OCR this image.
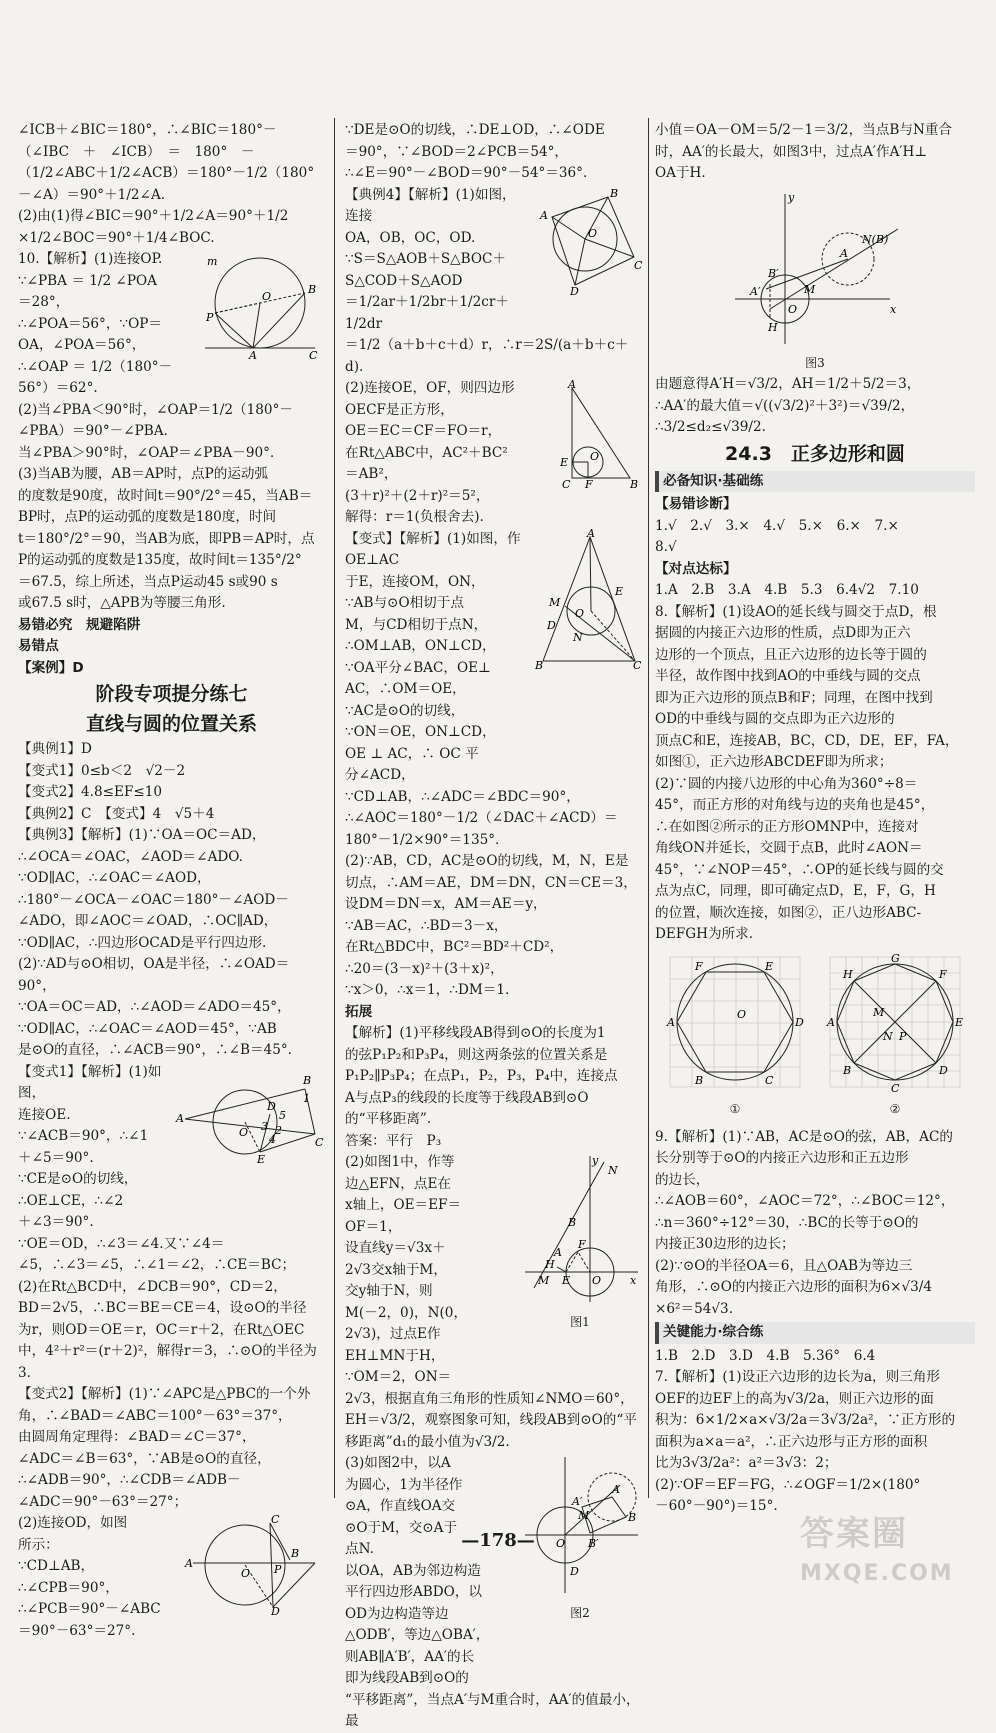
∠ICB＋∠BIC＝180°，∴∠BIC＝180°－

（∠IBC　＋　∠ICB）　＝　180°　－

（1/2∠ABC＋1/2∠ACB）＝180°－1/2（180°

－∠A）＝90°＋1/2∠A.

(2)由(1)得∠BIC＝90°＋1/2∠A＝90°＋1/2

×1/2∠BOC＝90°＋1/4∠BOC.

m
O
B
P
A	C

10.【解析】(1)连接OP.

∵∠PBA ＝ 1/2 ∠POA

＝28°，

∴∠POA＝56°，∵OP＝

OA，∠POA＝56°，

∴∠OAP ＝ 1/2（180°－

56°）＝62°.

(2)当∠PBA＜90°时，∠OAP＝1/2（180°－

∠PBA）＝90°－∠PBA.

当∠PBA＞90°时，∠OAP＝∠PBA－90°.

(3)当AB为腰，AB＝AP时，点P的运动弧

的度数是90度，故时间t＝90°/2°＝45，当AB＝

BP时，点P的运动弧的度数是180度，时间

t＝180°/2°＝90，当AB为底，即PB＝AP时，点

P的运动弧的度数是135度，故时间t＝135°/2°

＝67.5，综上所述，当点P运动45 s或90 s

或67.5 s时，△APB为等腰三角形.

易错必究　规避陷阱

易错点

【案例】D

阶段专项提分练七
直线与圆的位置关系

【典例1】D

【变式1】0≤b＜2　√2－2

【变式2】4.8≤EF≤10

【典例2】C　【变式】4　√5＋4

【典例3】【解析】(1)∵OA＝OC＝AD，

∴∠OCA＝∠OAC，∠AOD＝∠ADO.

∵OD∥AC，∴∠OAC＝∠AOD，

∴180°－∠OCA－∠OAC＝180°－∠AOD－

∠ADO，即∠AOC＝∠OAD，∴OC∥AD，

∵OD∥AC，∴四边形OCAD是平行四边形.

(2)∵AD与⊙O相切，OA是半径，∴∠OAD＝90°，

∵OA＝OC＝AD，∴∠AOD＝∠ADO＝45°，

∵OD∥AC，∴∠OAC＝∠AOD＝45°，∵AB

是⊙O的直径，∴∠ACB＝90°，∴∠B＝45°.

A
B
C
D
E
O
1
2
3
4
5

【变式1】【解析】(1)如图，

连接OE.

∵∠ACB＝90°，∴∠1

＋∠5＝90°.

∵CE是⊙O的切线，

∴OE⊥CE，∴∠2

＋∠3＝90°.

∵OE＝OD，∴∠3＝∠4.又∵∠4＝

∠5，∴∠3＝∠5，∴∠1＝∠2，∴CE＝BC；

(2)在Rt△BCD中，∠DCB＝90°，CD＝2，

BD＝2√5，∴BC＝BE＝CE＝4，设⊙O的半径

为r，则OD＝OE＝r，OC＝r＋2，在Rt△OEC

中，4²＋r²＝(r＋2)²，解得r＝3，∴⊙O的半径为3.

【变式2】【解析】(1)∵∠APC是△PBC的一个外

角，∴∠BAD＝∠ABC＝100°－63°＝37°，

由圆周角定理得：∠BAD＝∠C＝37°，

∠ADC＝∠B＝63°，∵AB是⊙O的直径，

∴∠ADB＝90°，∴∠CDB＝∠ADB－

∠ADC＝90°－63°＝27°；

A
B
C
D
O P

(2)连接OD，如图

所示：

∵CD⊥AB，

∴∠CPB＝90°，

∴∠PCB＝90°－∠ABC

＝90°－63°＝27°.

∵DE是⊙O的切线，∴DE⊥OD，∴∠ODE

＝90°，∵∠BOD＝2∠PCB＝54°，

∴∠E＝90°－∠BOD＝90°－54°＝36°.

B
A
O
C
D

【典例4】【解析】(1)如图，连接

OA，OB，OC，OD.

∵S＝S△AOB＋S△BOC＋

S△COD＋S△AOD

＝1/2ar＋1/2br＋1/2cr＋

1/2dr

＝1/2（a＋b＋c＋d）r，∴r＝2S/(a＋b＋c＋d).

A
O
E
C F	B

(2)连接OE，OF，则四边形

OECF是正方形，

OE＝EC＝CF＝FO＝r，

在Rt△ABC中，AC²＋BC²

＝AB²，

(3＋r)²＋(2＋r)²＝5²，

解得：r＝1(负根舍去).

A
M
E
O
B
N
D
C

【变式】【解析】(1)如图，作OE⊥AC

于E，连接OM，ON，

∵AB与⊙O相切于点

M，与CD相切于点N，

∴OM⊥AB，ON⊥CD，

∵OA平分∠BAC，OE⊥

AC，∴OM＝OE，

∵AC是⊙O的切线，

∵ON＝OE，ON⊥CD，

OE ⊥ AC，∴ OC 平

分∠ACD，

∵CD⊥AB，∴∠ADC＝∠BDC＝90°，

∴∠AOC＝180°－1/2（∠DAC＋∠ACD）＝

180°－1/2×90°＝135°.

(2)∵AB，CD，AC是⊙O的切线，M，N，E是

切点，∴AM＝AE，DM＝DN，CN＝CE＝3，

设DM＝DN＝x，AM＝AE＝y，

∵AB＝AC，∴BD＝3－x，

在Rt△BDC中，BC²＝BD²＋CD²，

∴20＝(3－x)²＋(3＋x)²，

∵x＞0，∴x＝1，∴DM＝1.

拓展

【解析】(1)平移线段AB得到⊙O的长度为1

的弦P₁P₂和P₃P₄，则这两条弦的位置关系是

P₁P₂∥P₃P₄；在点P₁，P₂，P₃，P₄中，连接点

A与点P₃的线段的长度等于线段AB到⊙O

的“平移距离”.

答案：平行　P₃

y
N
B
F
H
A
M E O	x
图1

(2)如图1中，作等

边△EFN，点E在

x轴上，OE＝EF＝

OF＝1，

设直线y＝√3x＋

2√3交x轴于M，

交y轴于N，则

M(－2，0)，N(0，

2√3)，过点E作

EH⊥MN于H，

∵OM＝2，ON＝

2√3，根据直角三角形的性质知∠NMO＝60°，

EH＝√3/2，观察图象可知，线段AB到⊙O的“平

移距离”d₁的最小值为√3/2.

A′
A
B
M
O B′
D
图2

(3)如图2中，以A

为圆心，1为半径作

⊙A，作直线OA交

⊙O于M，交⊙A于

点N.

以OA，AB为邻边构造

平行四边形ABDO，以

OD为边构造等边

△ODB′，等边△OBA′，

则AB∥A′B′，AA′的长

即为线段AB到⊙O的

“平移距离”，当点A′与M重合时，AA′的值最小，最

小值＝OA－OM＝5/2－1＝3/2，当点B与N重合

时，AA′的长最大，如图3中，过点A′作A′H⊥

OA于H.

y
N(B)
A
B′
A′	M
O
H
x
图3

由题意得A′H＝√3/2，AH＝1/2＋5/2＝3，

∴AA′的最大值＝√((√3/2)²＋3²)＝√39/2，

∴3/2≤d₂≤√39/2.

24.3　正多边形和圆
必备知识·基础练

【易错诊断】

1.√　2.√　3.×　4.√　5.×　6.×　7.×

8.√

【对点达标】

1.A　2.B　3.A　4.B　5.3　6.4√2　7.10

8.【解析】(1)设AO的延长线与圆交于点D，根

据圆的内接正六边形的性质，点D即为正六

边形的一个顶点，且正六边形的边长等于圆的

半径，故作图中找到AO的中垂线与圆的交点

即为正六边形的顶点B和F；同理，在图中找到

OD的中垂线与圆的交点即为正六边形的

顶点C和E，连接AB，BC，CD，DE，EF，FA，

如图①，正六边形ABCDEF即为所求；

(2)∵圆的内接八边形的中心角为360°÷8＝

45°，而正方形的对角线与边的夹角也是45°，

∴在如图②所示的正方形OMNP中，连接对

角线ON并延长，交圆于点B，此时∠AON＝

45°，∵∠NOP＝45°，∴OP的延长线与圆的交

点为点C，同理，即可确定点D，E，F，G，H

的位置，顺次连接，如图②，正八边形ABC-

DEFGH为所求.

F
A
E
O
D
B	C
①
G
H	F
M
A	E
N P
B	D
C
②

9.【解析】(1)∵AB，AC是⊙O的弦，AB，AC的

长分别等于⊙O的内接正六边形和正五边形

的边长，

∴∠AOB＝60°，∠AOC＝72°，∴∠BOC＝12°，

∴n＝360°÷12°＝30，∴BC的长等于⊙O的

内接正30边形的边长；

(2)∵⊙O的半径OA＝6，且△OAB为等边三

角形，∴⊙O的内接正六边形的面积为6×√3/4

×6²＝54√3.

关键能力·综合练

1.B　2.D　3.D　4.B　5.36°　6.4

7.【解析】(1)设正六边形的边长为a，则三角形

OEF的边EF上的高为√3/2a，则正六边形的面

积为：6×1/2×a×√3/2a＝3√3/2a²，∵正方形的

面积为a×a＝a²，∴正六边形与正方形的面积

比为3√3/2a²：a²＝3√3：2；

(2)∵OF＝EF＝FG，∴∠OGF＝1/2×(180°

－60°－90°)＝15°.

—178—	答案圈
MXQE.COM
